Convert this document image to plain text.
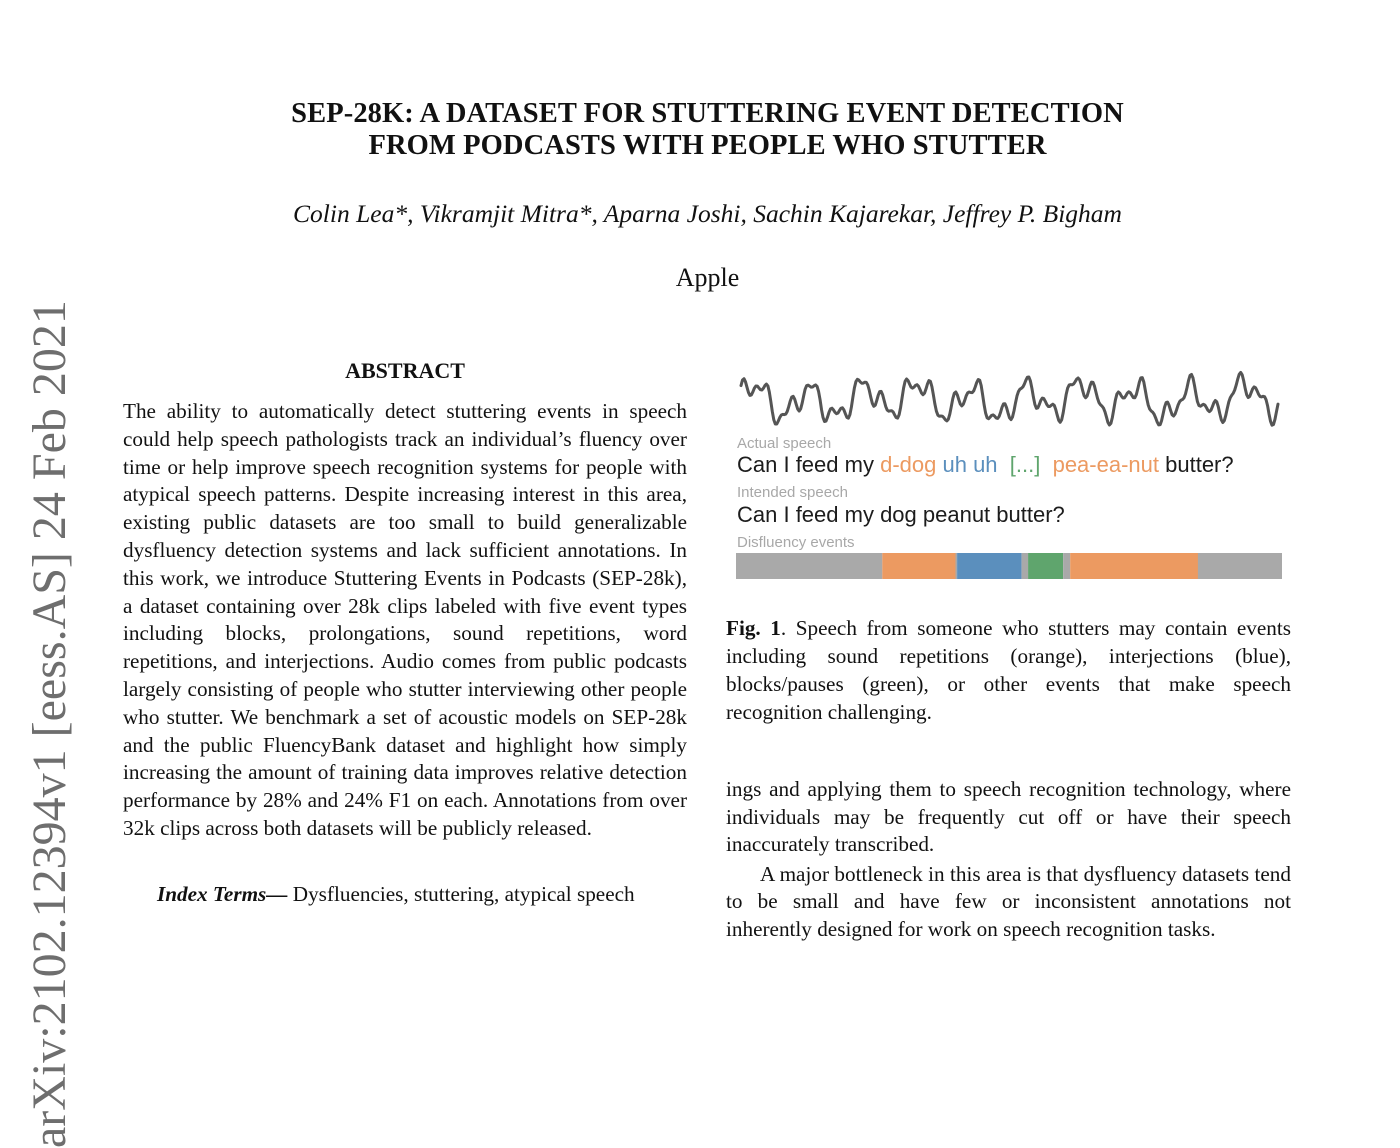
arXiv:2102.12394v1 [eess.AS] 24 Feb 2021
SEP-28K: A DATASET FOR STUTTERING EVENT DETECTION
FROM PODCASTS WITH PEOPLE WHO STUTTER
Colin Lea*, Vikramjit Mitra*, Aparna Joshi, Sachin Kajarekar, Jeffrey P. Bigham
Apple
ABSTRACT
The ability to automatically detect stuttering events in speech could help speech pathologists track an individual’s fluency over time or help improve speech recognition systems for people with atypical speech patterns. Despite increasing interest in this area, existing public datasets are too small to build generalizable dysfluency detection systems and lack sufficient annotations. In this work, we introduce Stuttering Events in Podcasts (SEP-28k), a dataset containing over 28k clips labeled with five event types including blocks, prolongations, sound repetitions, word repetitions, and interjections. Audio comes from public podcasts largely consisting of people who stutter interviewing other people who stutter. We benchmark a set of acoustic models on SEP-28k and the public FluencyBank dataset and highlight how simply increasing the amount of training data improves relative detection performance by 28% and 24% F1 on each. Annotations from over 32k clips across both datasets will be publicly released.
Index Terms— Dysfluencies, stuttering, atypical speech
Actual speech
Can I feed my d-dog uh uh [...] pea-ea-nut butter?
Intended speech
Can I feed my dog peanut butter?
Disfluency events
Fig. 1. Speech from someone who stutters may contain events including sound repetitions (orange), interjections (blue), blocks/pauses (green), or other events that make speech recognition challenging.

ings and applying them to speech recognition technology, where individuals may be frequently cut off or have their speech inaccurately transcribed.

A major bottleneck in this area is that dysfluency datasets tend to be small and have few or inconsistent annotations not inherently designed for work on speech recognition tasks.
